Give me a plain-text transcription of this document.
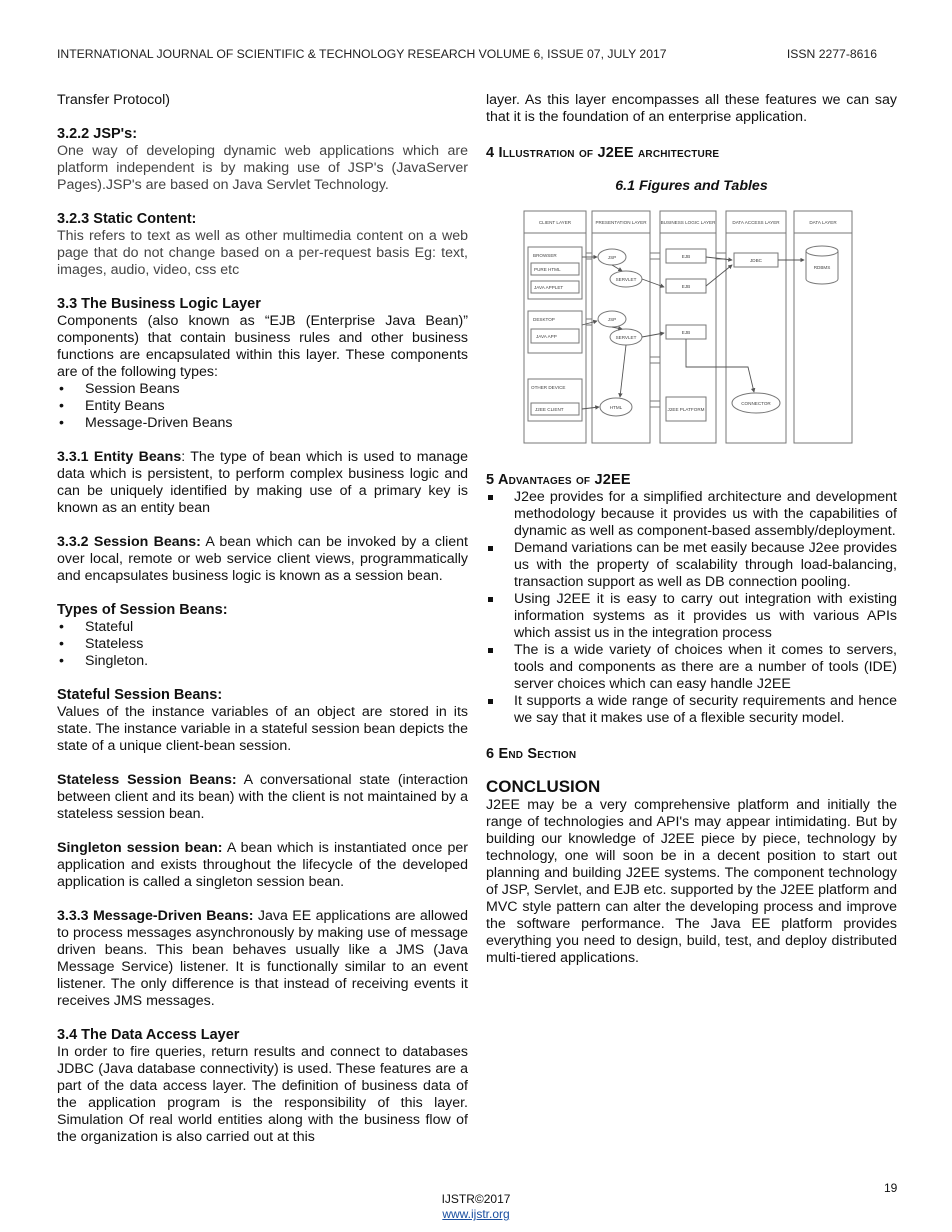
INTERNATIONAL JOURNAL OF SCIENTIFIC & TECHNOLOGY RESEARCH VOLUME 6, ISSUE 07, JULY 2017	ISSN 2277-8616

Transfer Protocol)

3.2.2 JSP's:

One way of developing dynamic web applications which are platform independent is by making use of JSP's (JavaServer Pages).JSP's are based on Java Servlet Technology.

3.2.3 Static Content:

This refers to text as well as other multimedia content on a web page that do not change based on a per-request basis Eg: text, images, audio, video, css etc

3.3 The Business Logic Layer

Components (also known as “EJB (Enterprise Java Bean)” components) that contain business rules and other business functions are encapsulated within this layer. These components are of the following types:

• Session Beans
• Entity Beans
• Message-Driven Beans

3.3.1 Entity Beans: The type of bean which is used to manage data which is persistent, to perform complex business logic and can be uniquely identified by making use of a primary key is known as an entity bean

3.3.2 Session Beans: A bean which can be invoked by a client over local, remote or web service client views, programmatically and encapsulates business logic is known as a session bean.

Types of Session Beans:
• Stateful
• Stateless
• Singleton.
Stateful Session Beans:

Values of the instance variables of an object are stored in its state. The instance variable in a stateful session bean depicts the state of a unique client-bean session.

Stateless Session Beans: A conversational state (interaction between client and its bean) with the client is not maintained by a stateless session bean.

Singleton session bean: A bean which is instantiated once per application and exists throughout the lifecycle of the developed application is called a singleton session bean.

3.3.3 Message-Driven Beans: Java EE applications are allowed to process messages asynchronously by making use of message driven beans. This bean behaves usually like a JMS (Java Message Service) listener. It is functionally similar to an event listener. The only difference is that instead of receiving events it receives JMS messages.

3.4 The Data Access Layer

In order to fire queries, return results and connect to databases JDBC (Java database connectivity) is used. These features are a part of the data access layer. The definition of business data of the application program is the responsibility of this layer. Simulation Of real world entities along with the business flow of the organization is also carried out at this

layer. As this layer encompasses all these features we can say that it is the foundation of an enterprise application.

4 Illustration of J2EE architecture
6.1 Figures and Tables
CLIENT LAYER	PRESENTATION LAYER	BUSINESS LOGIC LAYER	DATA ACCESS LAYER	DATA LAYER
BROWSER
PURE HTML
JAVA APPLET
DESKTOP
JAVA APP
OTHER DEVICE
J2EE CLIENT
JSP
SERVLET
JSP
SERVLET
HTML
EJB
EJB
EJB
J2EE PLATFORM
JDBC
CONNECTOR
RDBMS
5 Advantages of J2EE
J2ee provides for a simplified architecture and development methodology because it provides us with the capabilities of dynamic as well as component-based assembly/deployment.
Demand variations can be met easily because J2ee provides us with the property of scalability through load-balancing, transaction support as well as DB connection pooling.
Using J2EE it is easy to carry out integration with existing information systems as it provides us with various APIs which assist us in the integration process
The is a wide variety of choices when it comes to servers, tools and components as there are a number of tools (IDE) server choices which can easy handle J2EE
It supports a wide range of security requirements and hence we say that it makes use of a flexible security model.
6 End Section
CONCLUSION

J2EE may be a very comprehensive platform and initially the range of technologies and API's may appear intimidating. But by building our knowledge of J2EE piece by piece, technology by technology, one will soon be in a decent position to start out planning and building J2EE systems. The component technology of JSP, Servlet, and EJB etc. supported by the J2EE platform and MVC style pattern can alter the developing process and improve the software performance. The Java EE platform provides everything you need to design, build, test, and deploy distributed multi-tiered applications.

19
IJSTR©2017
www.ijstr.org
